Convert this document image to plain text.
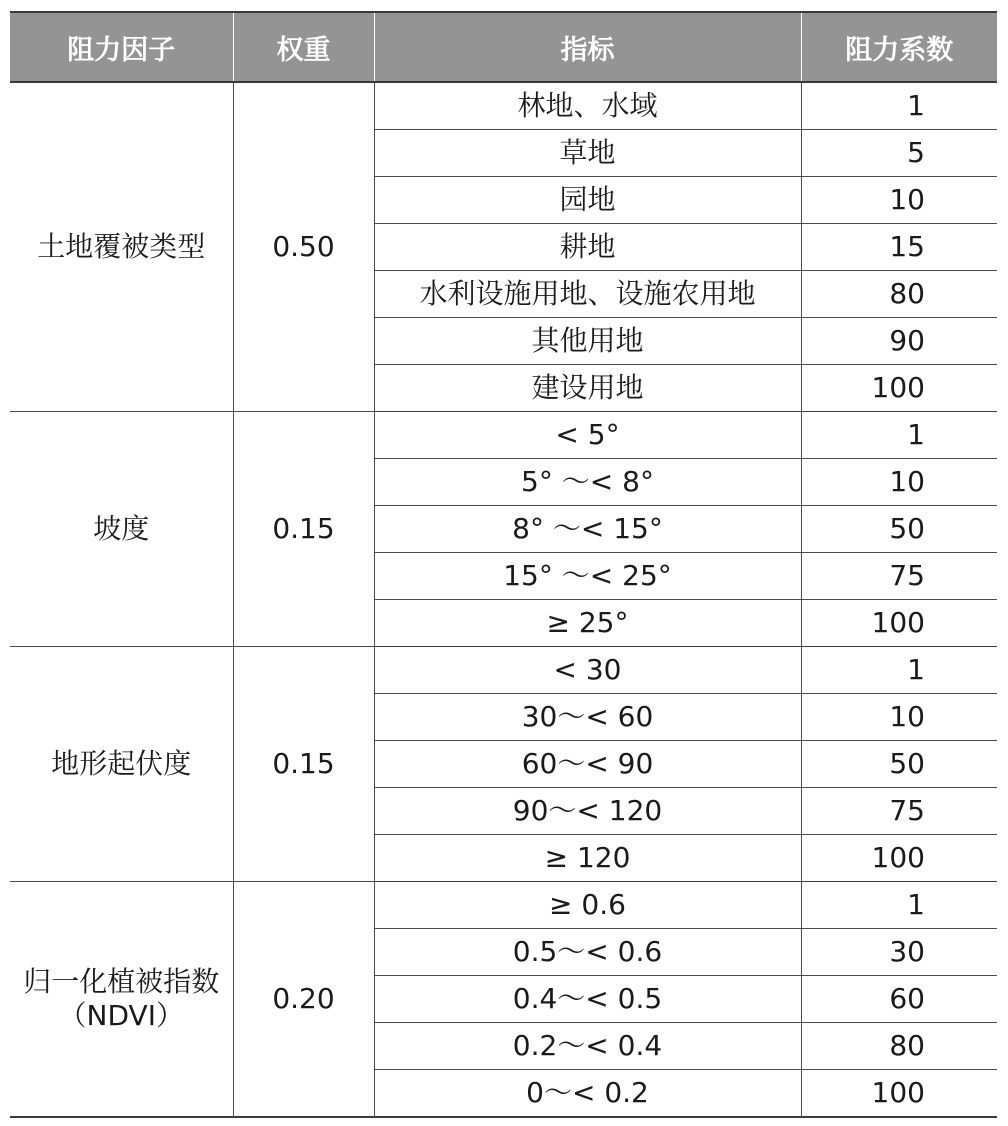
阻力因子	权重	指标	阻力系数

土地覆被类型	0.50	林地、水域	1
		草地	5
		园地	10
		耕地	15
		水利设施用地、设施农用地	80
		其他用地	90
		建设用地	100

坡度	0.15	< 5°	1
		5° ～< 8°	10
		8° ～< 15°	50
		15° ～< 25°	75
		≥ 25°	100

地形起伏度	0.15	< 30	1
		30～< 60	10
		60～< 90	50
		90～< 120	75
		≥ 120	100

归一化植被指数
（NDVI）	0.20	≥ 0.6	1
		0.5～< 0.6	30
		0.4～< 0.5	60
		0.2～< 0.4	80
		0～< 0.2	100
